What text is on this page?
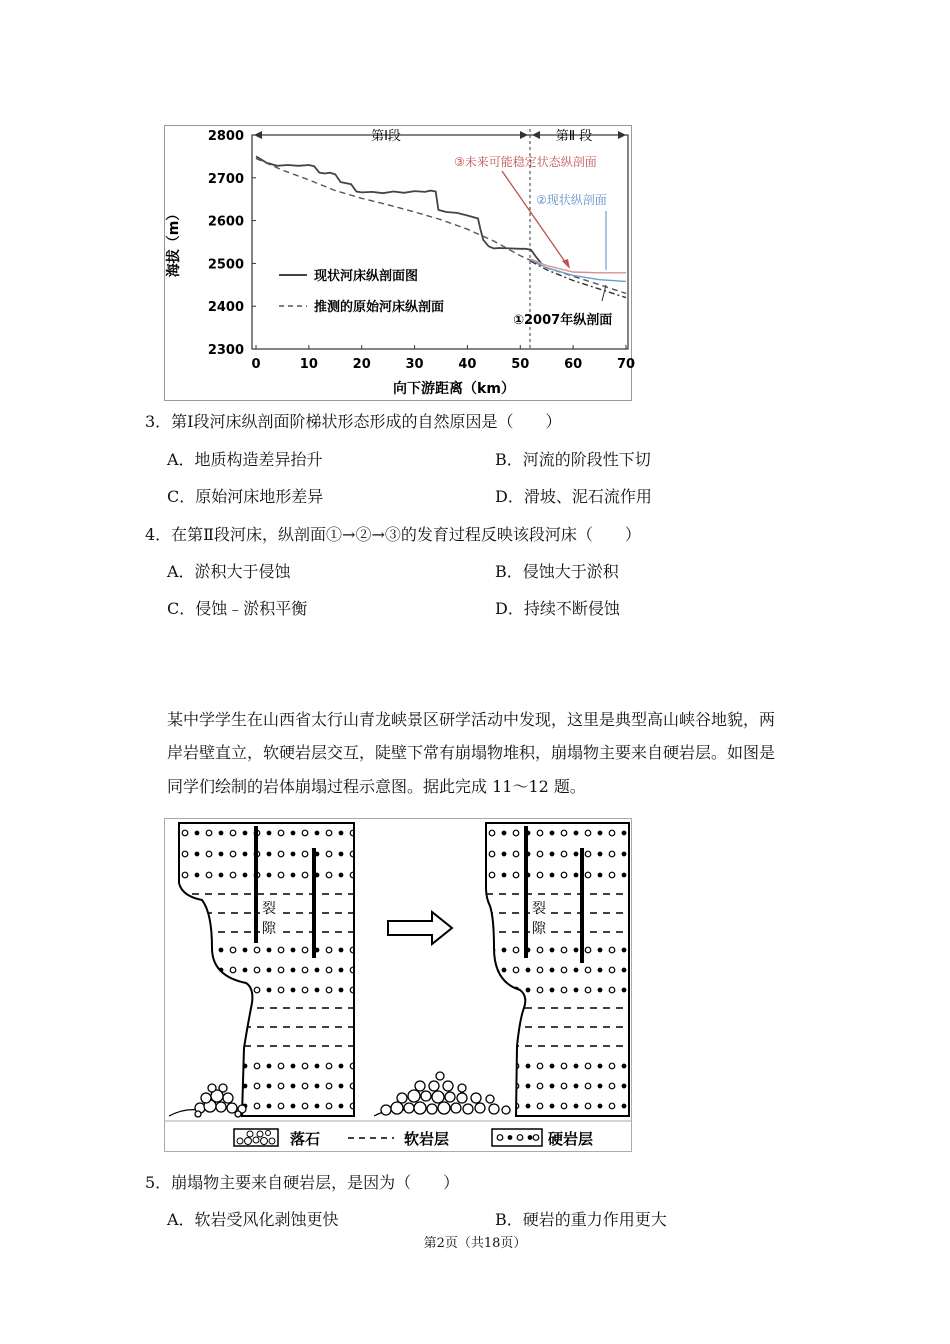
2300
2400
2500
2600
2700
2800
0	10	20	30	40	50	60	70
海拔（m）
向下游距离（km）
第Ⅰ段	第Ⅱ 段
③未来可能稳定状态纵剖面
②现状纵剖面
①2007年纵剖面
现状河床纵剖面图
推测的原始河床纵剖面
3．第Ⅰ段河床纵剖面阶梯状形态形成的自然原因是（　　）
A．地质构造差异抬升	B．河流的阶段性下切
C．原始河床地形差异	D．滑坡、泥石流作用
4．在第Ⅱ段河床，纵剖面①→②→③的发育过程反映该段河床（　　）
A．淤积大于侵蚀	B．侵蚀大于淤积
C．侵蚀﹣淤积平衡	D．持续不断侵蚀
某中学学生在山西省太行山青龙峡景区研学活动中发现，这里是典型高山峡谷地貌，两
岸岩壁直立，软硬岩层交互，陡壁下常有崩塌物堆积，崩塌物主要来自硬岩层。如图是
同学们绘制的岩体崩塌过程示意图。据此完成 11～12 题。
裂
隙
裂
隙
落石	软岩层	硬岩层
5．崩塌物主要来自硬岩层，是因为（　　）
A．软岩受风化剥蚀更快	B．硬岩的重力作用更大
第2页（共18页）
